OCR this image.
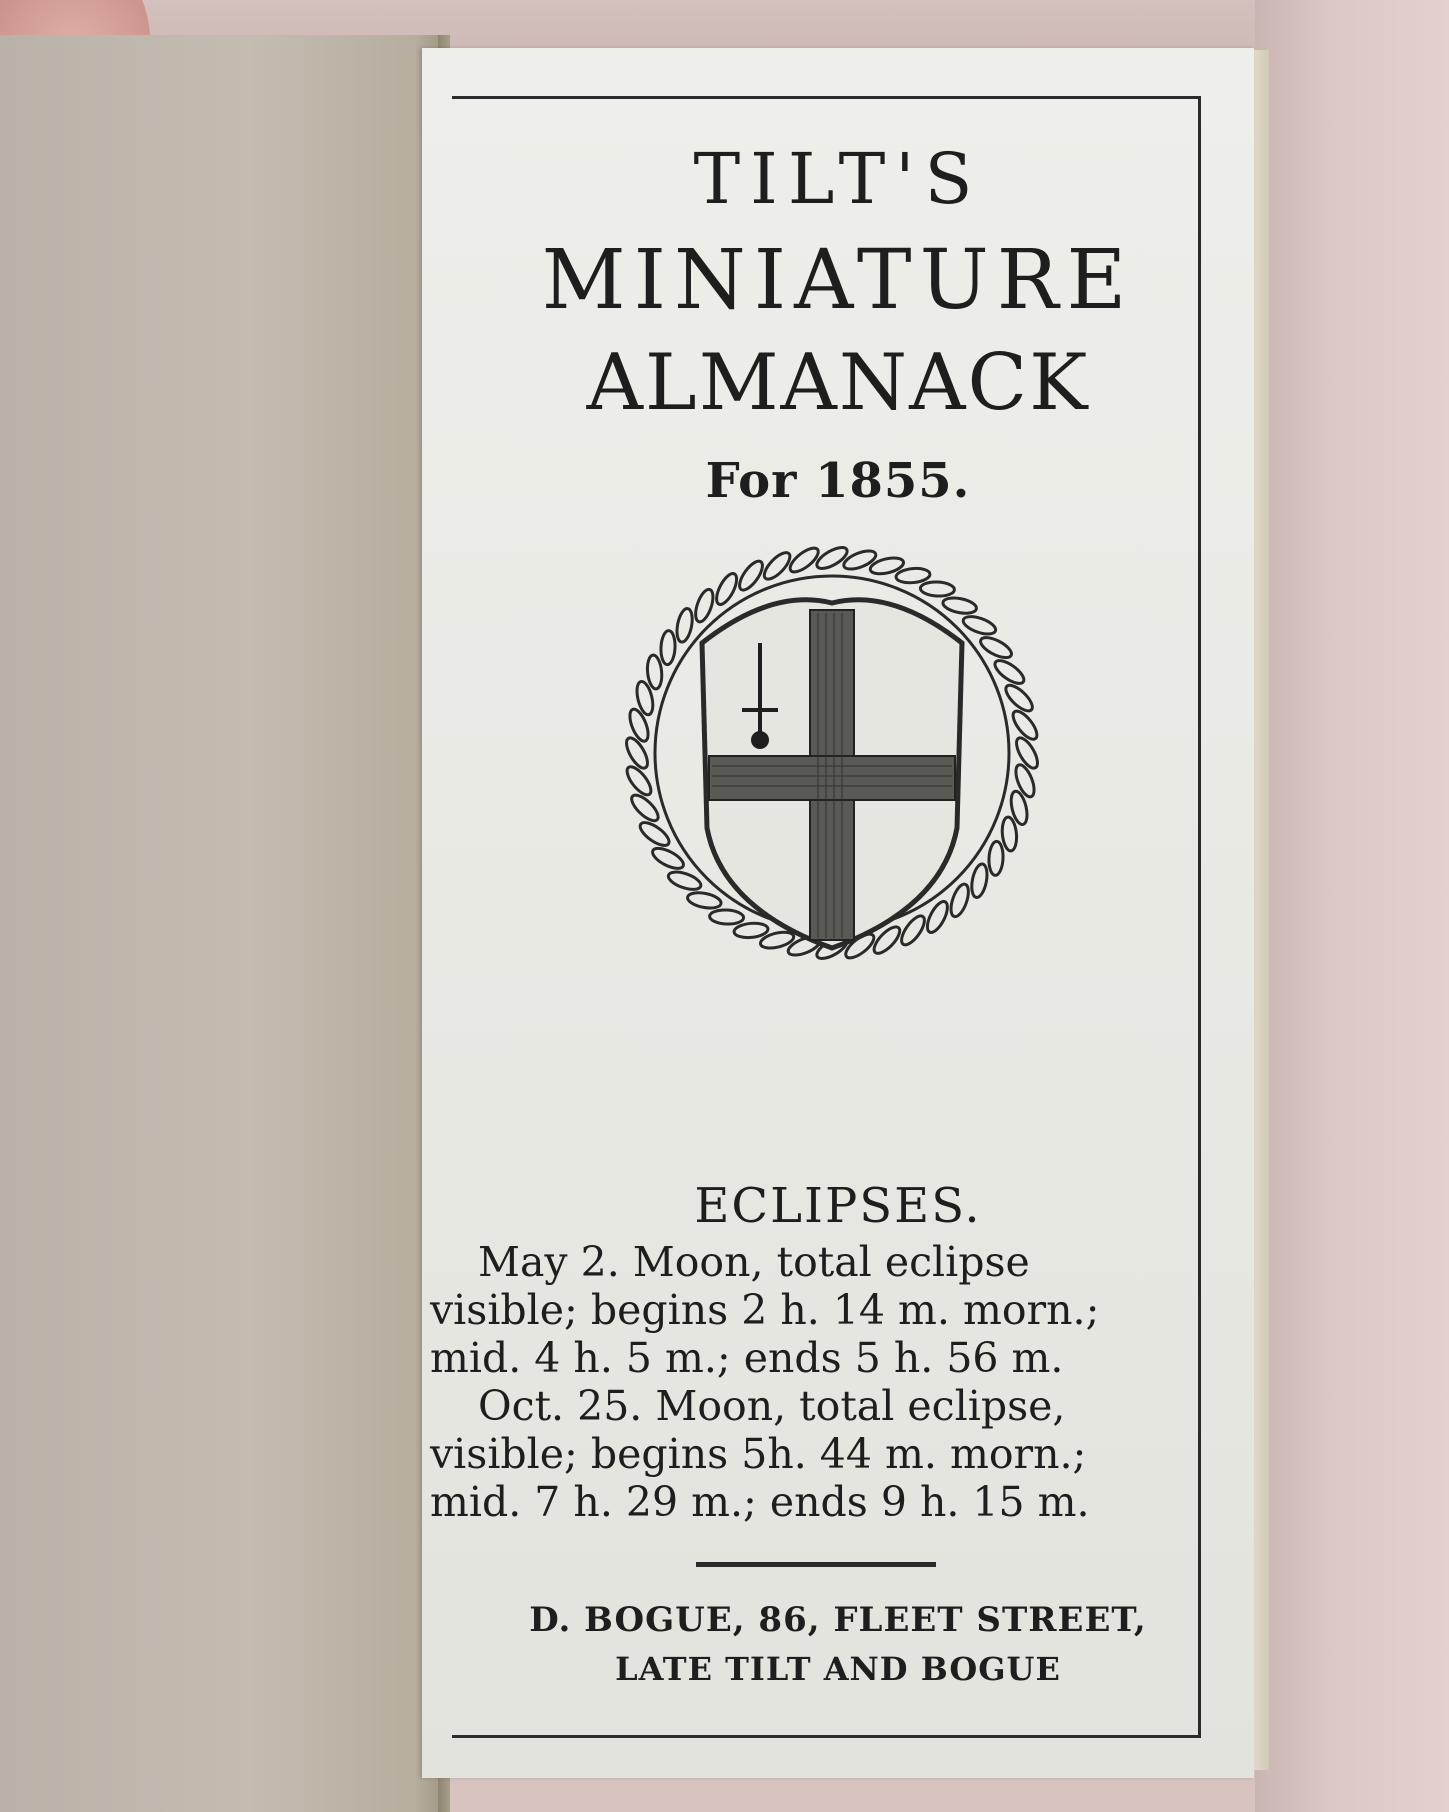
TILT'S
MINIATURE
ALMANACK
For 1855.
ECLIPSES.
May 2. Moon, total eclipse
visible; begins 2 h. 14 m. morn.;
mid. 4 h. 5 m.; ends 5 h. 56 m.
Oct. 25. Moon, total eclipse,
visible; begins 5h. 44 m. morn.;
mid. 7 h. 29 m.; ends 9 h. 15 m.
D. BOGUE, 86, FLEET STREET,
LATE TILT AND BOGUE
